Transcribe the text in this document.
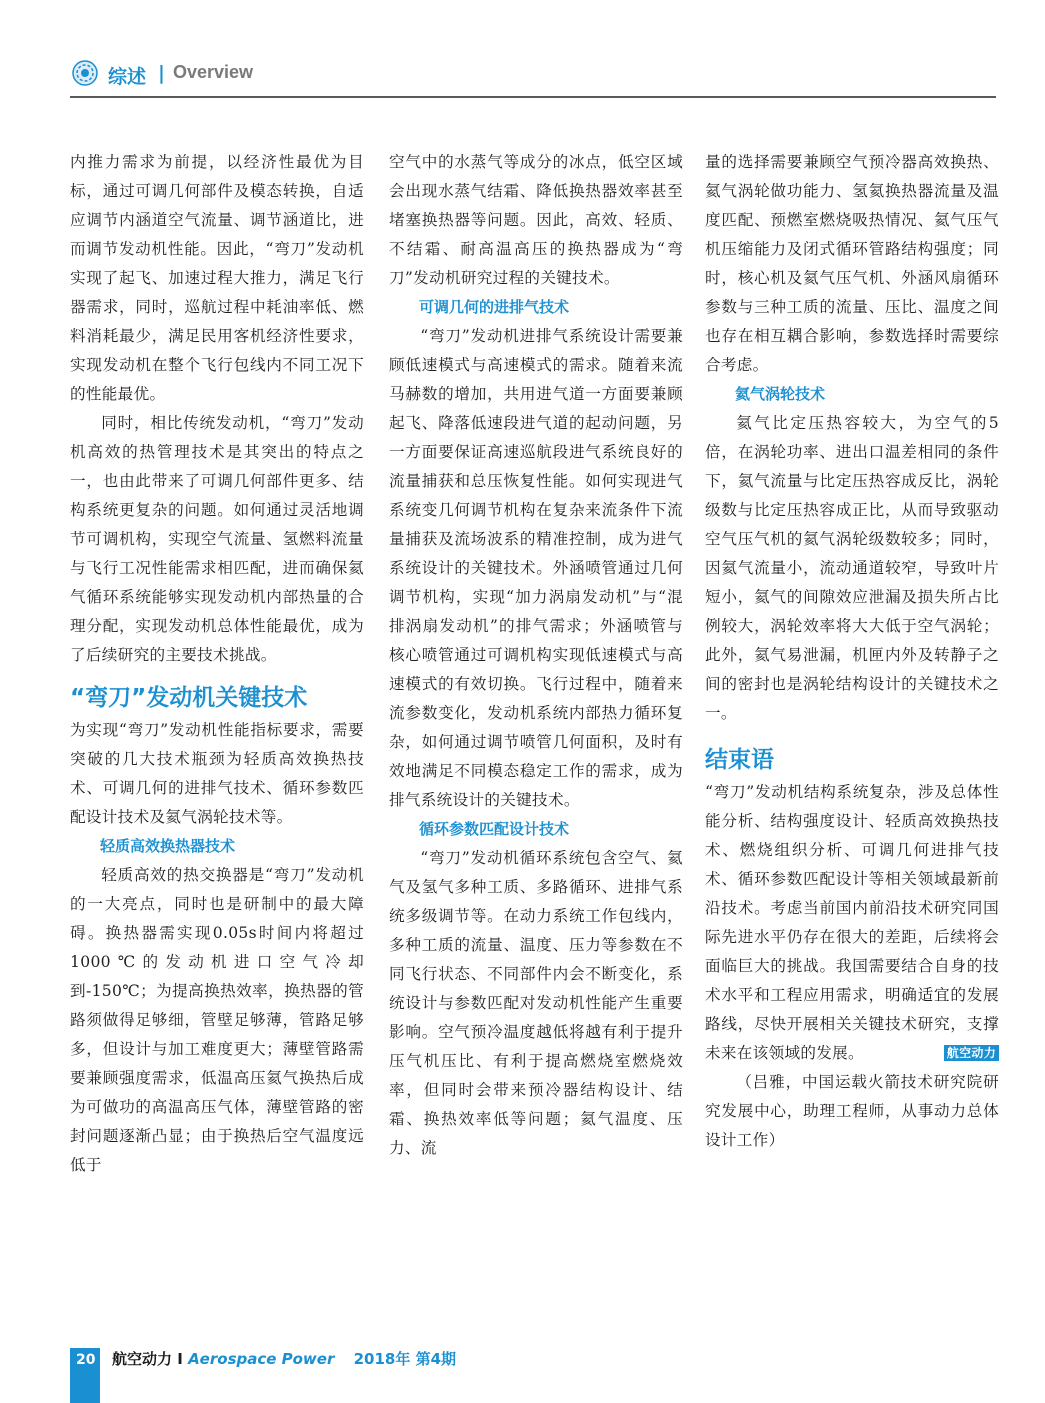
综述 | Overview

内推力需求为前提，以经济性最优为目标，通过可调几何部件及模态转换，自适应调节内涵道空气流量、调节涵道比，进而调节发动机性能。因此，“弯刀”发动机实现了起飞、加速过程大推力，满足飞行器需求，同时，巡航过程中耗油率低、燃料消耗最少，满足民用客机经济性要求，实现发动机在整个飞行包线内不同工况下的性能最优。

同时，相比传统发动机，“弯刀”发动机高效的热管理技术是其突出的特点之一，也由此带来了可调几何部件更多、结构系统更复杂的问题。如何通过灵活地调节可调机构，实现空气流量、氢燃料流量与飞行工况性能需求相匹配，进而确保氦气循环系统能够实现发动机内部热量的合理分配，实现发动机总体性能最优，成为了后续研究的主要技术挑战。

“弯刀”发动机关键技术

为实现“弯刀”发动机性能指标要求，需要突破的几大技术瓶颈为轻质高效换热技术、可调几何的进排气技术、循环参数匹配设计技术及氦气涡轮技术等。

轻质高效换热器技术

轻质高效的热交换器是“弯刀”发动机的一大亮点，同时也是研制中的最大障碍。换热器需实现0.05s时间内将超过1000℃的发动机进口空气冷却到-150℃；为提高换热效率，换热器的管路须做得足够细，管壁足够薄，管路足够多，但设计与加工难度更大；薄壁管路需要兼顾强度需求，低温高压氦气换热后成为可做功的高温高压气体，薄壁管路的密封问题逐渐凸显；由于换热后空气温度远低于

空气中的水蒸气等成分的冰点，低空区域会出现水蒸气结霜、降低换热器效率甚至堵塞换热器等问题。因此，高效、轻质、不结霜、耐高温高压的换热器成为“弯刀”发动机研究过程的关键技术。

可调几何的进排气技术

“弯刀”发动机进排气系统设计需要兼顾低速模式与高速模式的需求。随着来流马赫数的增加，共用进气道一方面要兼顾起飞、降落低速段进气道的起动问题，另一方面要保证高速巡航段进气系统良好的流量捕获和总压恢复性能。如何实现进气系统变几何调节机构在复杂来流条件下流量捕获及流场波系的精准控制，成为进气系统设计的关键技术。外涵喷管通过几何调节机构，实现“加力涡扇发动机”与“混排涡扇发动机”的排气需求；外涵喷管与核心喷管通过可调机构实现低速模式与高速模式的有效切换。飞行过程中，随着来流参数变化，发动机系统内部热力循环复杂，如何通过调节喷管几何面积，及时有效地满足不同模态稳定工作的需求，成为排气系统设计的关键技术。

循环参数匹配设计技术

“弯刀”发动机循环系统包含空气、氦气及氢气多种工质、多路循环、进排气系统多级调节等。在动力系统工作包线内，多种工质的流量、温度、压力等参数在不同飞行状态、不同部件内会不断变化，系统设计与参数匹配对发动机性能产生重要影响。空气预冷温度越低将越有利于提升压气机压比、有利于提高燃烧室燃烧效率，但同时会带来预冷器结构设计、结霜、换热效率低等问题；氦气温度、压力、流

量的选择需要兼顾空气预冷器高效换热、氦气涡轮做功能力、氢氦换热器流量及温度匹配、预燃室燃烧吸热情况、氦气压气机压缩能力及闭式循环管路结构强度；同时，核心机及氦气压气机、外涵风扇循环参数与三种工质的流量、压比、温度之间也存在相互耦合影响，参数选择时需要综合考虑。

氦气涡轮技术

氦气比定压热容较大，为空气的5倍，在涡轮功率、进出口温差相同的条件下，氦气流量与比定压热容成反比，涡轮级数与比定压热容成正比，从而导致驱动空气压气机的氦气涡轮级数较多；同时，因氦气流量小，流动通道较窄，导致叶片短小，氦气的间隙效应泄漏及损失所占比例较大，涡轮效率将大大低于空气涡轮；此外，氦气易泄漏，机匣内外及转静子之间的密封也是涡轮结构设计的关键技术之一。

结束语

“弯刀”发动机结构系统复杂，涉及总体性能分析、结构强度设计、轻质高效换热技术、燃烧组织分析、可调几何进排气技术、循环参数匹配设计等相关领域最新前沿技术。考虑当前国内前沿技术研究同国际先进水平仍存在很大的差距，后续将会面临巨大的挑战。我国需要结合自身的技术水平和工程应用需求，明确适宜的发展路线，尽快开展相关关键技术研究，支撑未来在该领域的发展。	航空动力

（吕雅，中国运载火箭技术研究院研究发展中心，助理工程师，从事动力总体设计工作）

20 航空动力 I Aerospace Power 2018年 第4期
